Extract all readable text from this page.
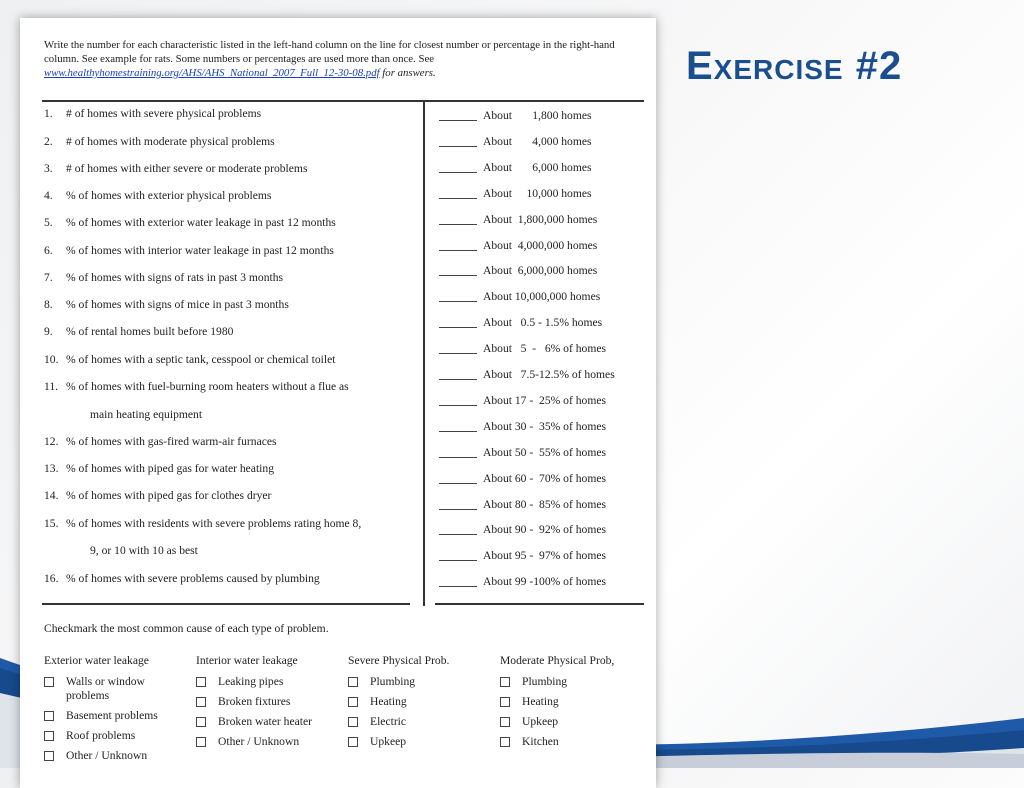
Exercise #2
Write the number for each characteristic listed in the left-hand column on the line for closest number or percentage in the right-hand column. See example for rats. Some numbers or percentages are used more than once. See www.healthyhomestraining.org/AHS/AHS_National_2007_Full_12-30-08.pdf for answers.
1. # of homes with severe physical problems
2. # of homes with moderate physical problems
3. # of homes with either severe or moderate problems
4. % of homes with exterior physical problems
5. % of homes with exterior water leakage in past 12 months
6. % of homes with interior water leakage in past 12 months
7. % of homes with signs of rats in past 3 months
8. % of homes with signs of mice in past 3 months
9. % of rental homes built before 1980
10. % of homes with a septic tank, cesspool or chemical toilet
11. % of homes with fuel-burning room heaters without a flue as
main heating equipment
12. % of homes with gas-fired warm-air furnaces
13. % of homes with piped gas for water heating
14. % of homes with piped gas for clothes dryer
15. % of homes with residents with severe problems rating home 8,
9, or 10 with 10 as best
16. % of homes with severe problems caused by plumbing
About       1,800 homes
About       4,000 homes
About       6,000 homes
About     10,000 homes
About  1,800,000 homes
About  4,000,000 homes
About  6,000,000 homes
About 10,000,000 homes
About   0.5 - 1.5% homes
About   5  -   6% of homes
About   7.5-12.5% of homes
About 17 -  25% of homes
About 30 -  35% of homes
About 50 -  55% of homes
About 60 -  70% of homes
About 80 -  85% of homes
About 90 -  92% of homes
About 95 -  97% of homes
About 99 -100% of homes
Checkmark the most common cause of each type of problem.
Exterior water leakage
Walls or window problems
Basement problems
Roof problems
Other / Unknown
Interior water leakage
Leaking pipes
Broken fixtures
Broken water heater
Other / Unknown
Severe Physical Prob.
Plumbing
Heating
Electric
Upkeep
Moderate Physical Prob,
Plumbing
Heating
Upkeep
Kitchen
